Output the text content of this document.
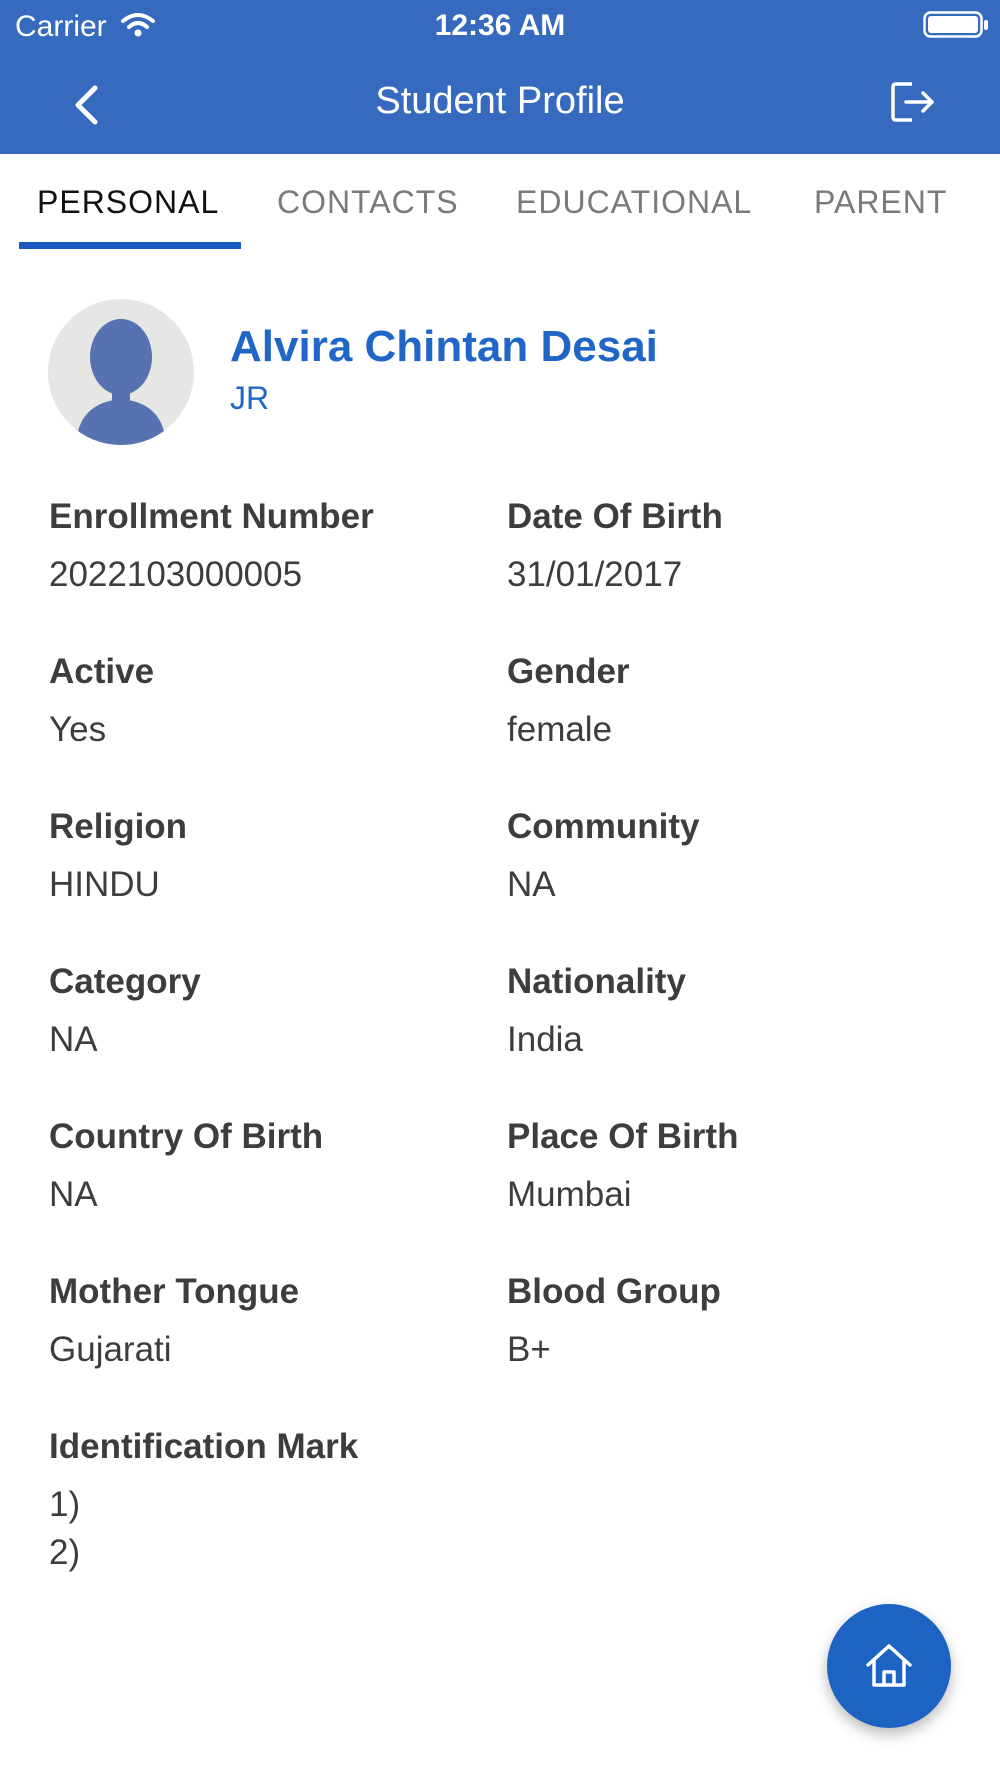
Carrier	12:36 AM
Student Profile
PERSONAL CONTACTS EDUCATIONAL PARENT
Alvira Chintan Desai
JR
Enrollment Number
2022103000005
Date Of Birth
31/01/2017
Active
Yes
Gender
female
Religion
HINDU
Community
NA
Category
NA
Nationality
India
Country Of Birth
NA
Place Of Birth
Mumbai
Mother Tongue
Gujarati
Blood Group
B+
Identification Mark
1)
2)
